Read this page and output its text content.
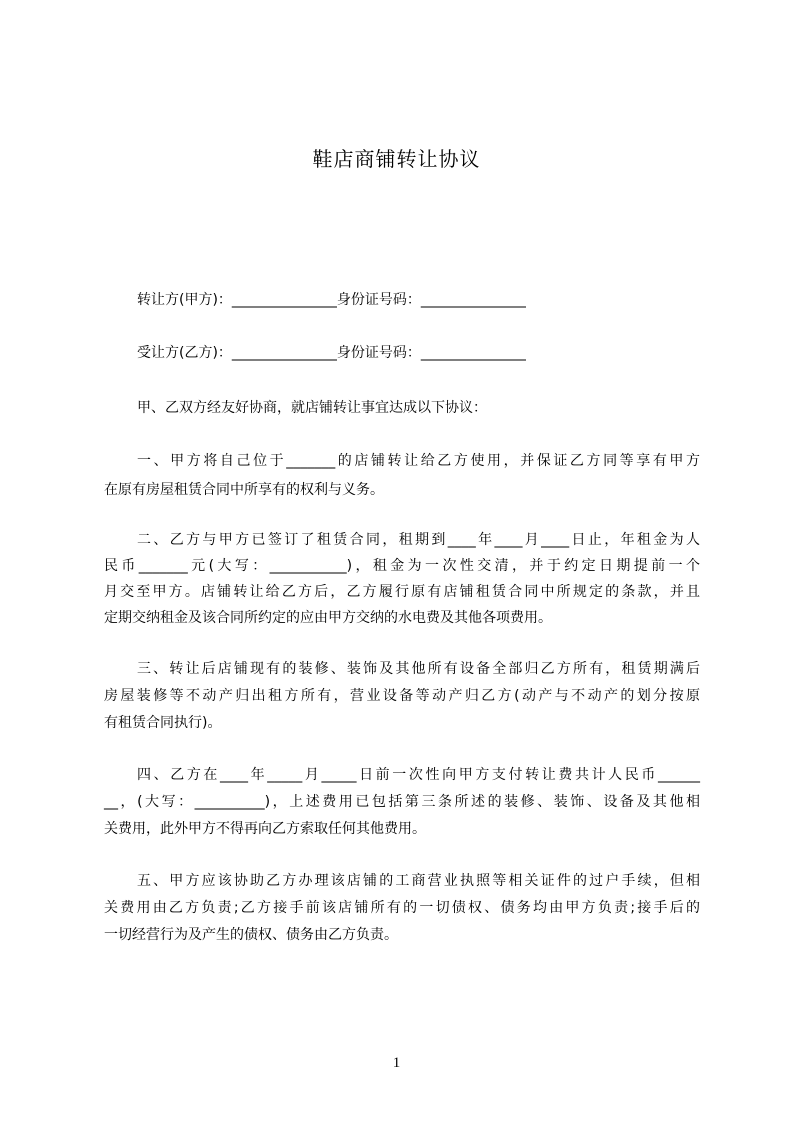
鞋店商铺转让协议
转让方(甲方)：_______________身份证号码：_______________
受让方(乙方)：_______________身份证号码：_______________
甲、乙双方经友好协商，就店铺转让事宜达成以下协议：
一、甲方将自己位于_______的店铺转让给乙方使用，并保证乙方同等享有甲方
在原有房屋租赁合同中所享有的权利与义务。
二、乙方与甲方已签订了租赁合同，租期到____年____月____日止，年租金为人
民币_______元(大写：___________)，租金为一次性交清，并于约定日期提前一个
月交至甲方。店铺转让给乙方后，乙方履行原有店铺租赁合同中所规定的条款，并且
定期交纳租金及该合同所约定的应由甲方交纳的水电费及其他各项费用。
三、转让后店铺现有的装修、装饰及其他所有设备全部归乙方所有，租赁期满后
房屋装修等不动产归出租方所有，营业设备等动产归乙方(动产与不动产的划分按原
有租赁合同执行)。
四、乙方在____年_____月_____日前一次性向甲方支付转让费共计人民币______
__，(大写：__________)，上述费用已包括第三条所述的装修、装饰、设备及其他相
关费用，此外甲方不得再向乙方索取任何其他费用。
五、甲方应该协助乙方办理该店铺的工商营业执照等相关证件的过户手续，但相
关费用由乙方负责;乙方接手前该店铺所有的一切债权、债务均由甲方负责;接手后的
一切经营行为及产生的债权、债务由乙方负责。
1
